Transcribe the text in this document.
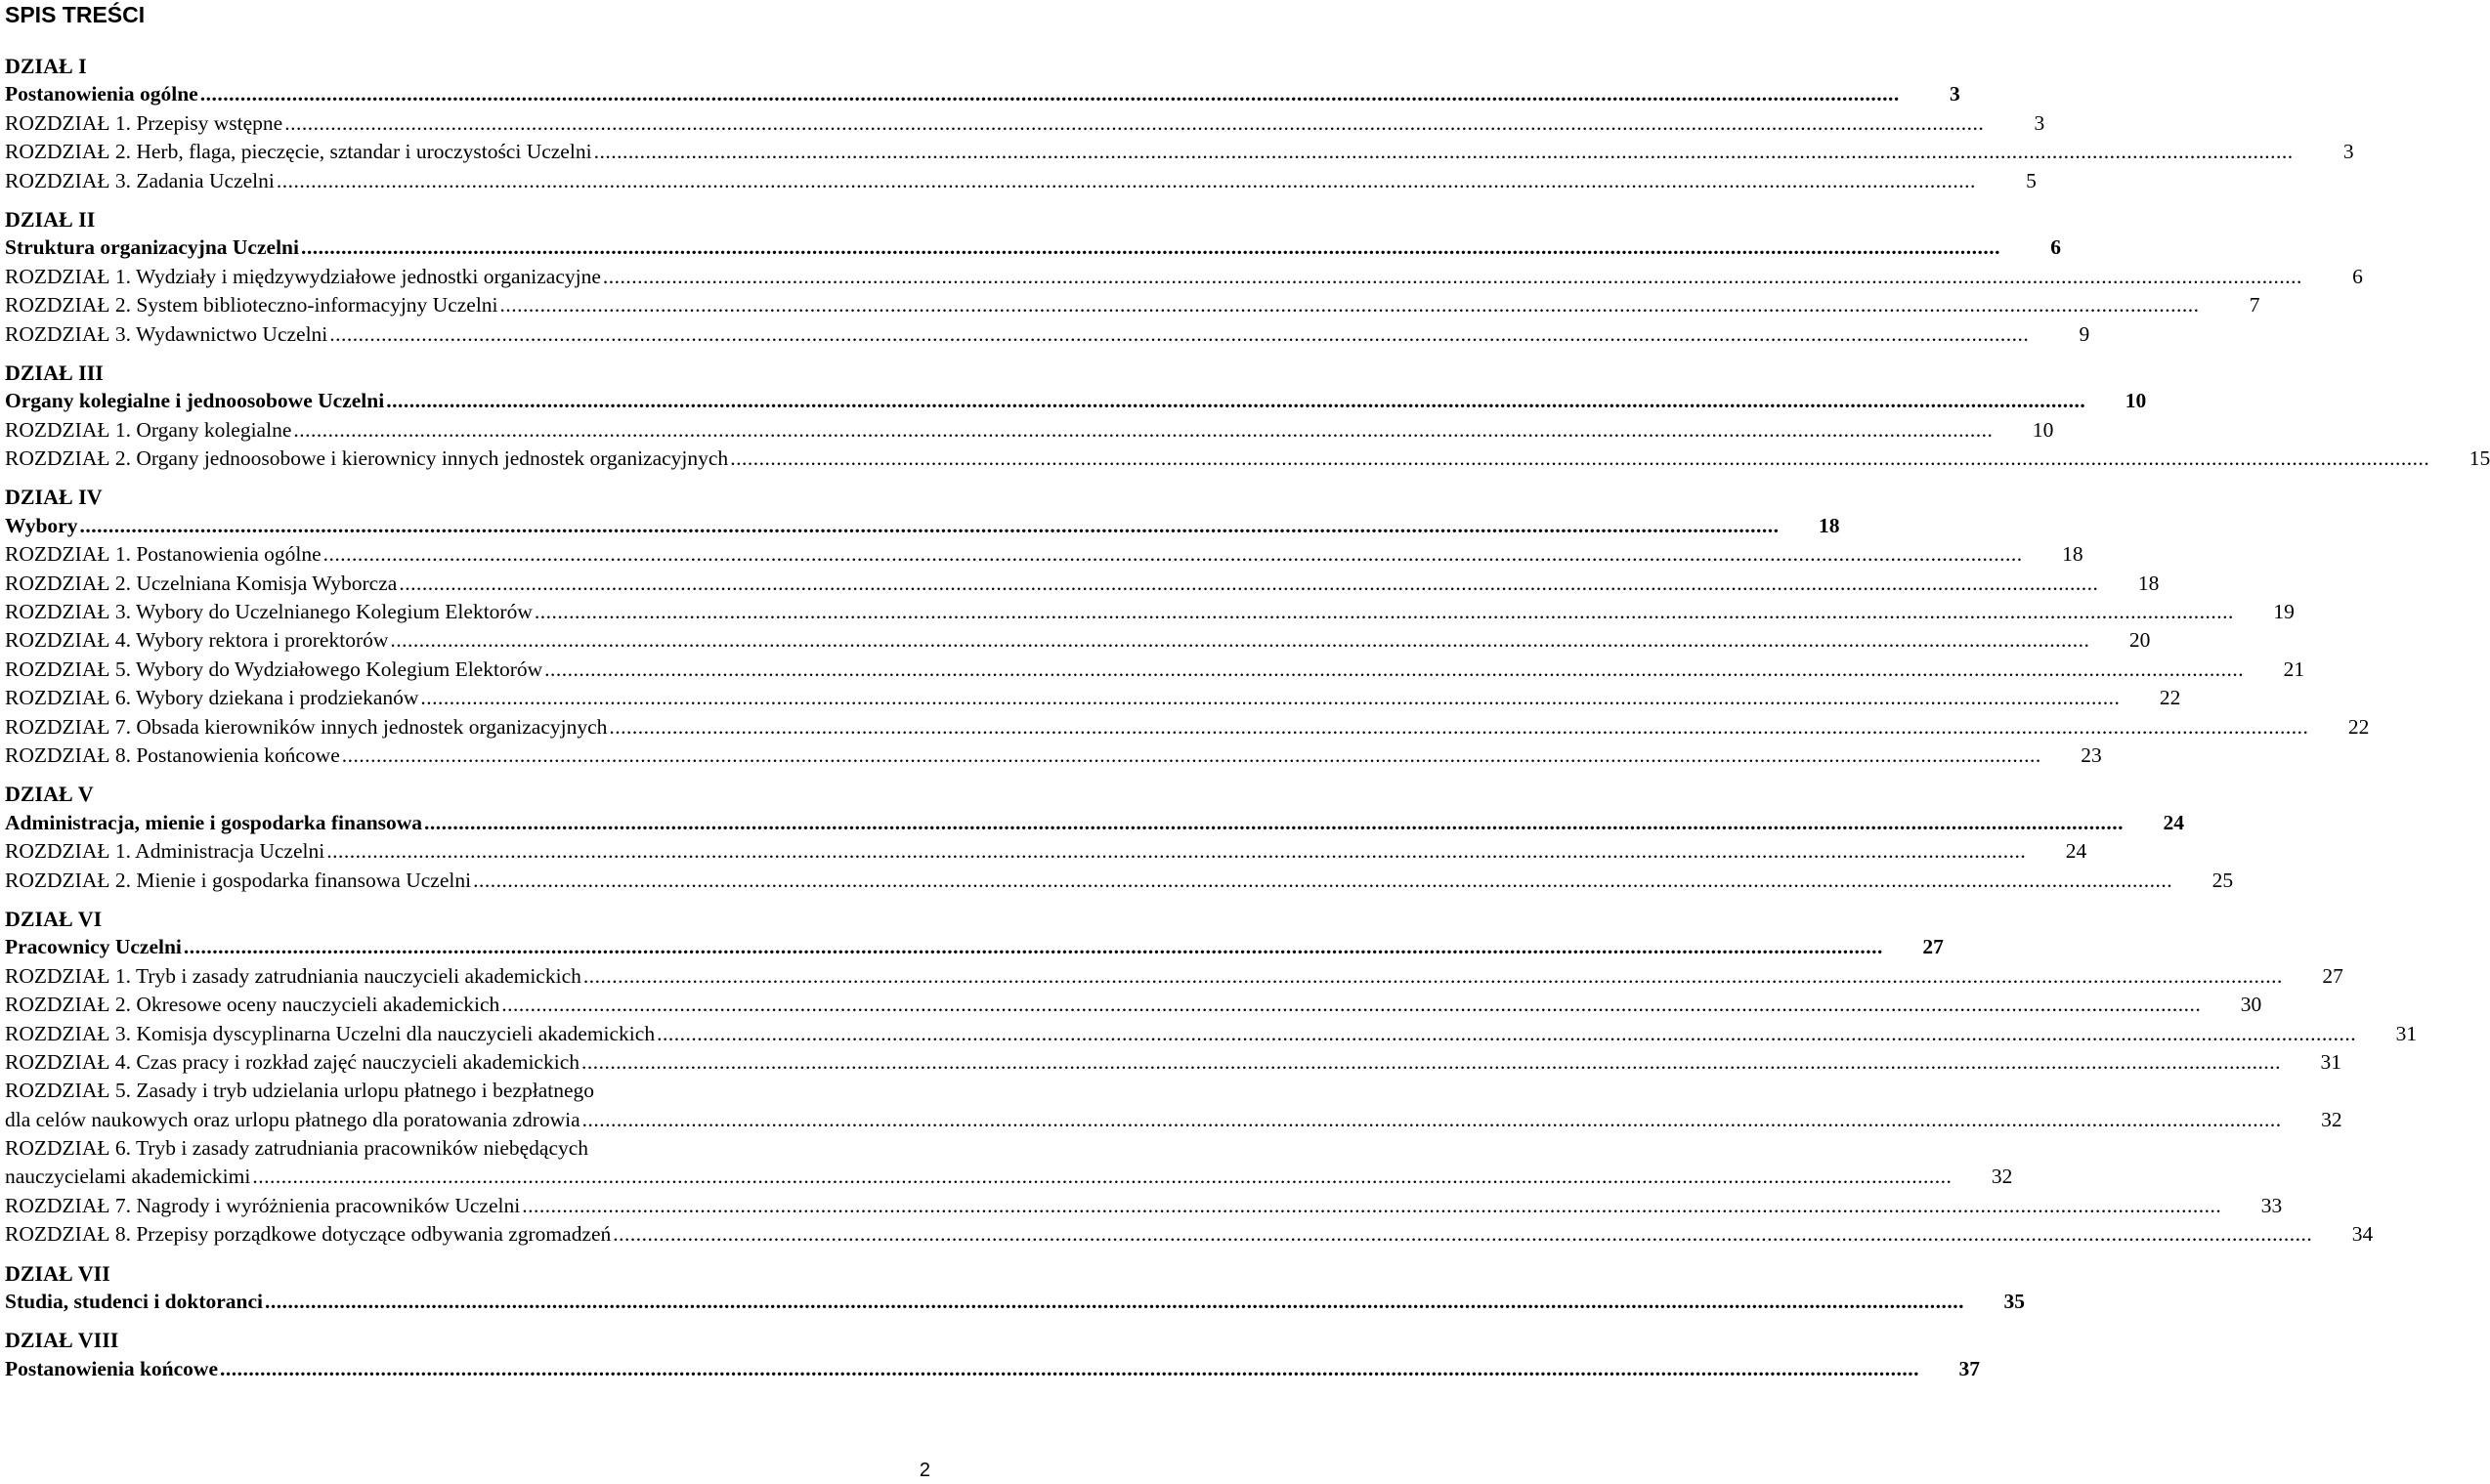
SPIS TREŚCI
DZIAŁ I
Postanowienia ogólne .....	3
ROZDZIAŁ 1. Przepisy wstępne .....	3
ROZDZIAŁ 2. Herb, flaga, pieczęcie, sztandar i uroczystości Uczelni .....	3
ROZDZIAŁ 3. Zadania Uczelni .....	5
DZIAŁ II
Struktura organizacyjna Uczelni .....	6
ROZDZIAŁ 1. Wydziały i międzywydziałowe jednostki organizacyjne .....	6
ROZDZIAŁ 2. System biblioteczno-informacyjny Uczelni .....	7
ROZDZIAŁ 3. Wydawnictwo Uczelni .....	9
DZIAŁ III
Organy kolegialne i jednoosobowe Uczelni .....	10
ROZDZIAŁ 1. Organy kolegialne .....	10
ROZDZIAŁ 2. Organy jednoosobowe i kierownicy innych jednostek organizacyjnych .....	15
DZIAŁ IV
Wybory .....	18
ROZDZIAŁ 1. Postanowienia ogólne .....	18
ROZDZIAŁ 2. Uczelniana Komisja Wyborcza .....	18
ROZDZIAŁ 3. Wybory do Uczelnianego Kolegium Elektorów .....	19
ROZDZIAŁ 4. Wybory rektora i prorektorów .....	20
ROZDZIAŁ 5. Wybory do Wydziałowego Kolegium Elektorów .....	21
ROZDZIAŁ 6. Wybory dziekana i prodziekanów .....	22
ROZDZIAŁ 7. Obsada kierowników innych jednostek organizacyjnych .....	22
ROZDZIAŁ 8. Postanowienia końcowe .....	23
DZIAŁ V
Administracja, mienie i gospodarka finansowa .....	24
ROZDZIAŁ 1. Administracja Uczelni .....	24
ROZDZIAŁ 2. Mienie i gospodarka finansowa Uczelni .....	25
DZIAŁ VI
Pracownicy Uczelni .....	27
ROZDZIAŁ 1. Tryb i zasady zatrudniania nauczycieli akademickich .....	27
ROZDZIAŁ 2. Okresowe oceny nauczycieli akademickich .....	30
ROZDZIAŁ 3. Komisja dyscyplinarna Uczelni dla nauczycieli akademickich .....	31
ROZDZIAŁ 4. Czas pracy i rozkład zajęć nauczycieli akademickich .....	31
ROZDZIAŁ 5. Zasady i tryb udzielania urlopu płatnego i bezpłatnego
dla celów naukowych oraz urlopu płatnego dla poratowania zdrowia .....	32
ROZDZIAŁ 6. Tryb i zasady zatrudniania pracowników niebędących
nauczycielami akademickimi .....	32
ROZDZIAŁ 7. Nagrody i wyróżnienia pracowników Uczelni .....	33
ROZDZIAŁ 8. Przepisy porządkowe dotyczące odbywania zgromadzeń .....	34
DZIAŁ VII
Studia, studenci i doktoranci .....	35
DZIAŁ VIII
Postanowienia końcowe .....	37
2
